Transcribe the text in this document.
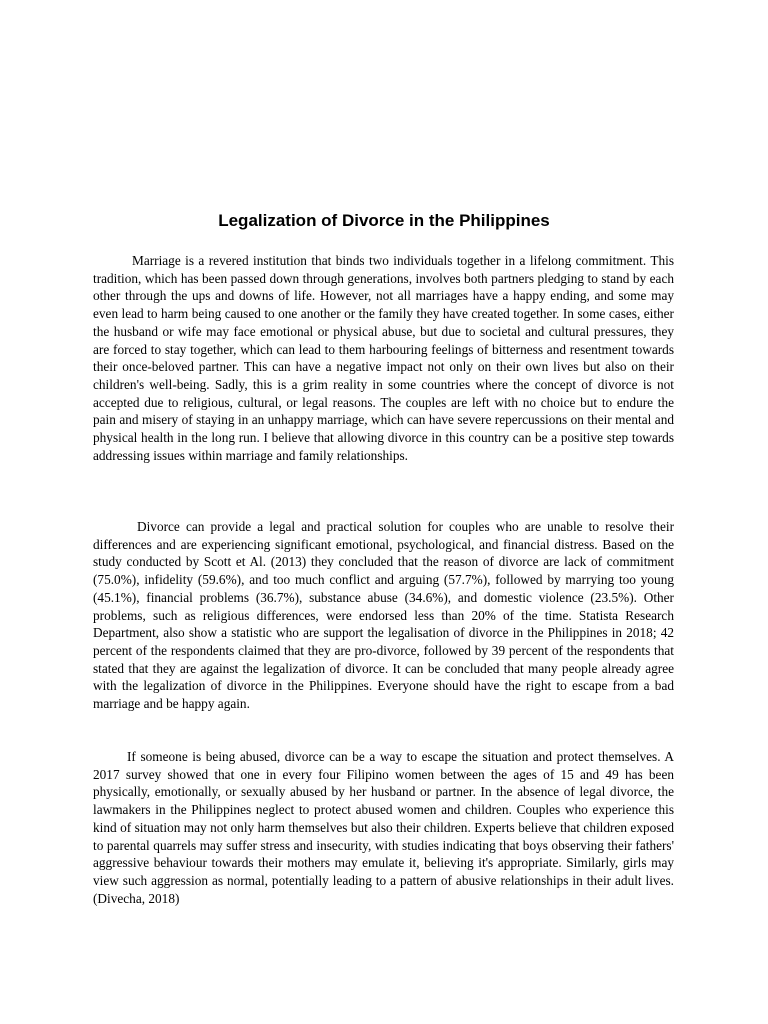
Legalization of Divorce in the Philippines

Marriage is a revered institution that binds two individuals together in a lifelong commitment. This tradition, which has been passed down through generations, involves both partners pledging to stand by each other through the ups and downs of life. However, not all marriages have a happy ending, and some may even lead to harm being caused to one another or the family they have created together. In some cases, either the husband or wife may face emotional or physical abuse, but due to societal and cultural pressures, they are forced to stay together, which can lead to them harbouring feelings of bitterness and resentment towards their once-beloved partner. This can have a negative impact not only on their own lives but also on their children's well-being. Sadly, this is a grim reality in some countries where the concept of divorce is not accepted due to religious, cultural, or legal reasons. The couples are left with no choice but to endure the pain and misery of staying in an unhappy marriage, which can have severe repercussions on their mental and physical health in the long run. I believe that allowing divorce in this country can be a positive step towards addressing issues within marriage and family relationships.

Divorce can provide a legal and practical solution for couples who are unable to resolve their differences and are experiencing significant emotional, psychological, and financial distress. Based on the study conducted by Scott et Al. (2013) they concluded that the reason of divorce are lack of commitment (75.0%), infidelity (59.6%), and too much conflict and arguing (57.7%), followed by marrying too young (45.1%), financial problems (36.7%), substance abuse (34.6%), and domestic violence (23.5%). Other problems, such as religious differences, were endorsed less than 20% of the time. Statista Research Department, also show a statistic who are support the legalisation of divorce in the Philippines in 2018; 42 percent of the respondents claimed that they are pro-divorce, followed by 39 percent of the respondents that stated that they are against the legalization of divorce. It can be concluded that many people already agree with the legalization of divorce in the Philippines. Everyone should have the right to escape from a bad marriage and be happy again.

If someone is being abused, divorce can be a way to escape the situation and protect themselves. A 2017 survey showed that one in every four Filipino women between the ages of 15 and 49 has been physically, emotionally, or sexually abused by her husband or partner. In the absence of legal divorce, the lawmakers in the Philippines neglect to protect abused women and children. Couples who experience this kind of situation may not only harm themselves but also their children. Experts believe that children exposed to parental quarrels may suffer stress and insecurity, with studies indicating that boys observing their fathers' aggressive behaviour towards their mothers may emulate it, believing it's appropriate. Similarly, girls may view such aggression as normal, potentially leading to a pattern of abusive relationships in their adult lives. (Divecha, 2018)
